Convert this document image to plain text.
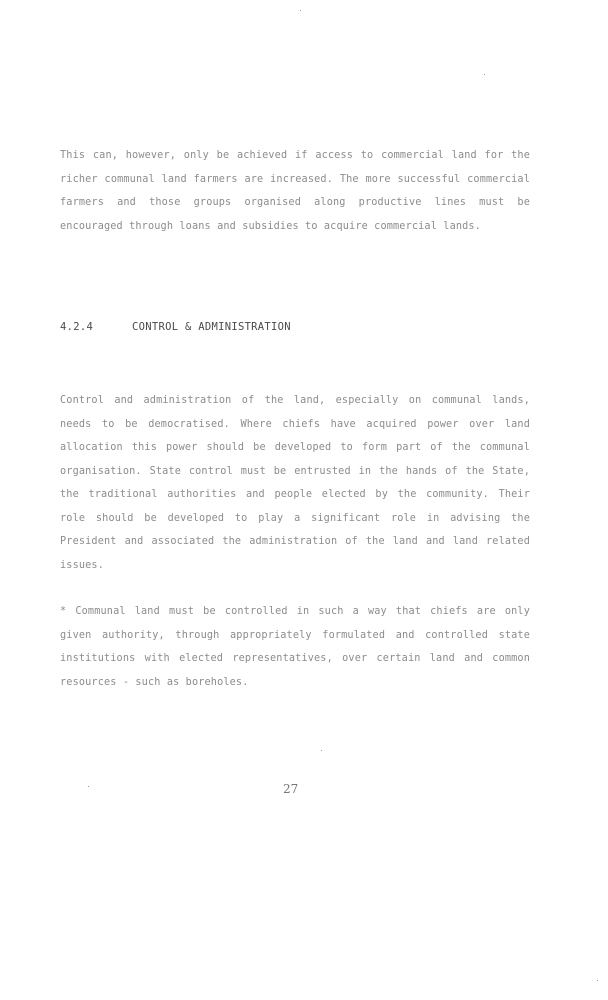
This can, however, only be achieved if access to commercial land for the richer communal land farmers are increased. The more successful commercial farmers and those groups organised along productive lines must be encouraged through loans and subsidies to acquire commercial lands.

4.2.4	CONTROL & ADMINISTRATION

Control and administration of the land, especially on communal lands, needs to be democratised. Where chiefs have acquired power over land allocation this power should be developed to form part of the communal organisation. State control must be entrusted in the hands of the State, the traditional authorities and people elected by the community. Their role should be developed to play a significant role in advising the President and associated the administration of the land and land related issues.

* Communal land must be controlled in such a way that chiefs are only given authority, through appropriately formulated and controlled state institutions with elected representatives, over certain land and common resources - such as boreholes.

27
